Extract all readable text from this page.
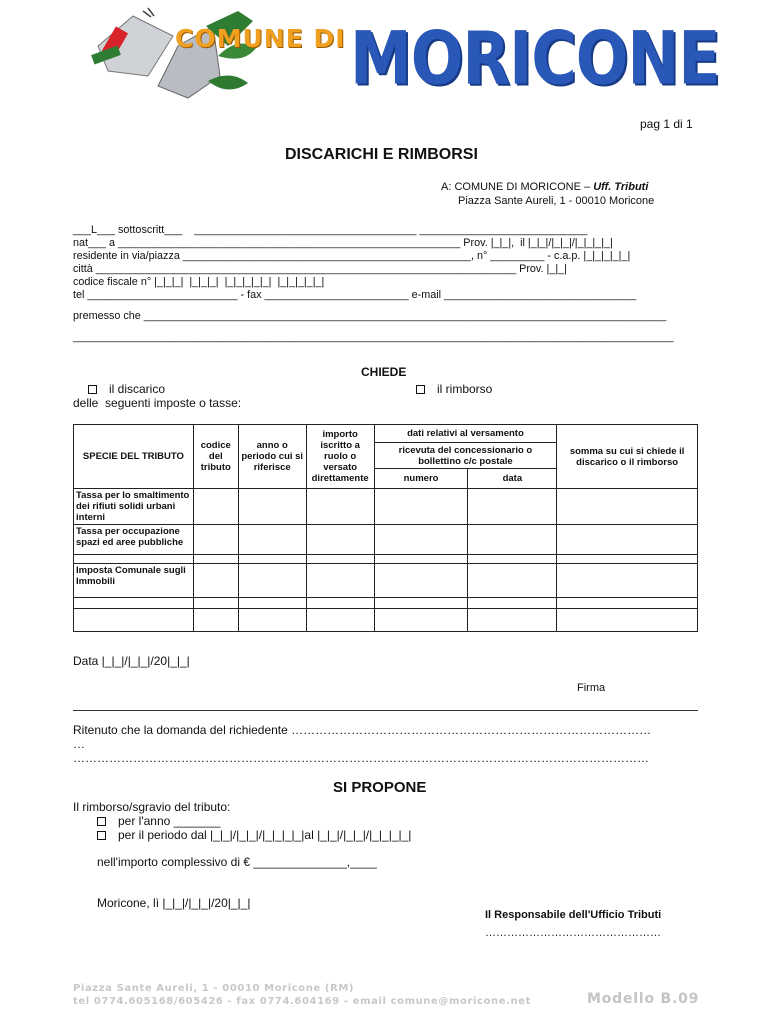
COMUNE DI MORICONE
pag 1 di 1
DISCARICHI E RIMBORSI
A: COMUNE DI MORICONE – Uff. Tributi
Piazza Sante Aureli, 1 - 00010 Moricone
___L___ sottoscritt___    _____________________________________ ____________________________
nat___ a _________________________________________________________ Prov. |_|_|,  il |_|_|/|_|_|/|_|_|_|_|
residente in via/piazza ________________________________________________, n° _________ - c.a.p. |_|_|_|_|_|
città ______________________________________________________________________ Prov. |_|_|
codice fiscale n° |_|_|_|  |_|_|_|  |_|_|_|_|_|  |_|_|_|_|_|
tel _________________________ - fax ________________________ e-mail ________________________________
premesso che _______________________________________________________________________________________
____________________________________________________________________________________________________
CHIEDE
il discarico	il rimborso
delle  seguenti imposte o tasse:
SPECIE DEL TRIBUTO	codice del tributo	anno o periodo cui si riferisce	importo iscritto a ruolo o versato direttamente	dati relativi al versamento		somma su cui si chiede il discarico o il rimborso
				ricevuta del concessionario o bollettino c/c postale		
				numero	data	
Tassa per lo smaltimento dei rifiuti solidi urbani interni						
Tassa per occupazione spazi ed aree pubbliche						

Imposta Comunale sugli Immobili						

Data |_|_|/|_|_|/20|_|_|
Firma
Ritenuto che la domanda del richiedente ………………………………………………………………………………
…
………………………………………………………………………………………………………………………………
SI PROPONE
Il rimborso/sgravio del tributo:
per l'anno _______
per il periodo dal |_|_|/|_|_|/|_|_|_|_|al |_|_|/|_|_|/|_|_|_|_|
nell'importo complessivo di € ______________,____
Moricone, lì |_|_|/|_|_|/20|_|_|
Il Responsabile dell'Ufficio Tributi
…………………………………………
Piazza Sante Aureli, 1 - 00010 Moricone (RM)
tel 0774.605168/605426 - fax 0774.604169 - email comune@moricone.net	Modello B.09
